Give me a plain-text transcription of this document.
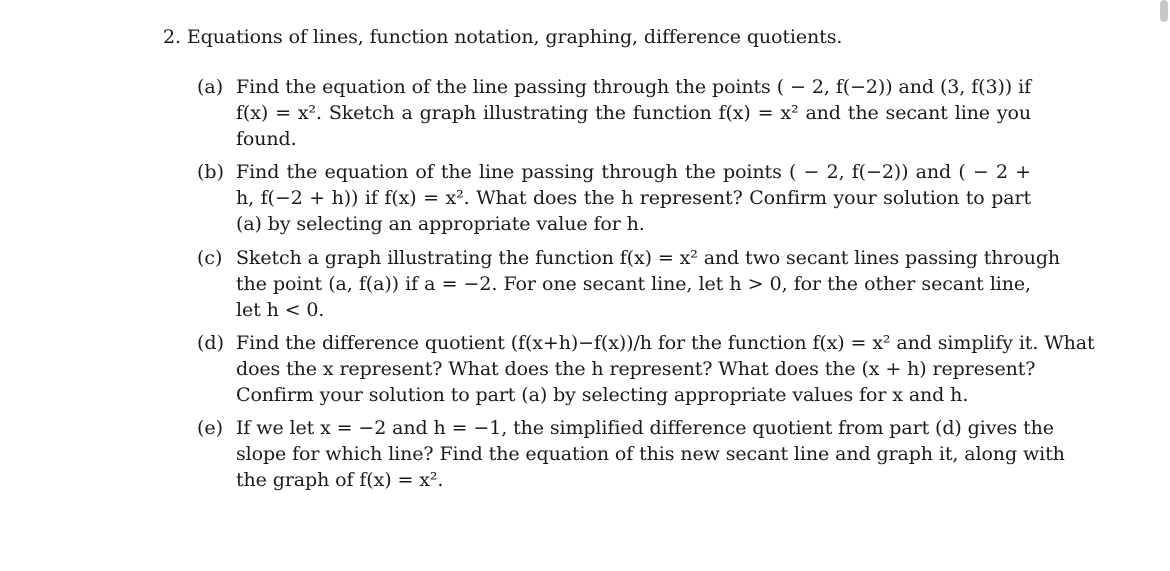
2. Equations of lines, function notation, graphing, difference quotients.
(a) Find the equation of the line passing through the points ( − 2, f(−2)) and (3, f(3)) if
f(x) = x². Sketch a graph illustrating the function f(x) = x² and the secant line you
found.
(b) Find the equation of the line passing through the points ( − 2, f(−2)) and ( − 2 +
h, f(−2 + h)) if f(x) = x². What does the h represent? Confirm your solution to part
(a) by selecting an appropriate value for h.
(c) Sketch a graph illustrating the function f(x) = x² and two secant lines passing through
the point (a, f(a)) if a = −2. For one secant line, let h > 0, for the other secant line,
let h < 0.
(d) Find the difference quotient (f(x+h)−f(x))/h for the function f(x) = x² and simplify it. What
does the x represent? What does the h represent? What does the (x + h) represent?
Confirm your solution to part (a) by selecting appropriate values for x and h.
(e) If we let x = −2 and h = −1, the simplified difference quotient from part (d) gives the
slope for which line? Find the equation of this new secant line and graph it, along with
the graph of f(x) = x².
